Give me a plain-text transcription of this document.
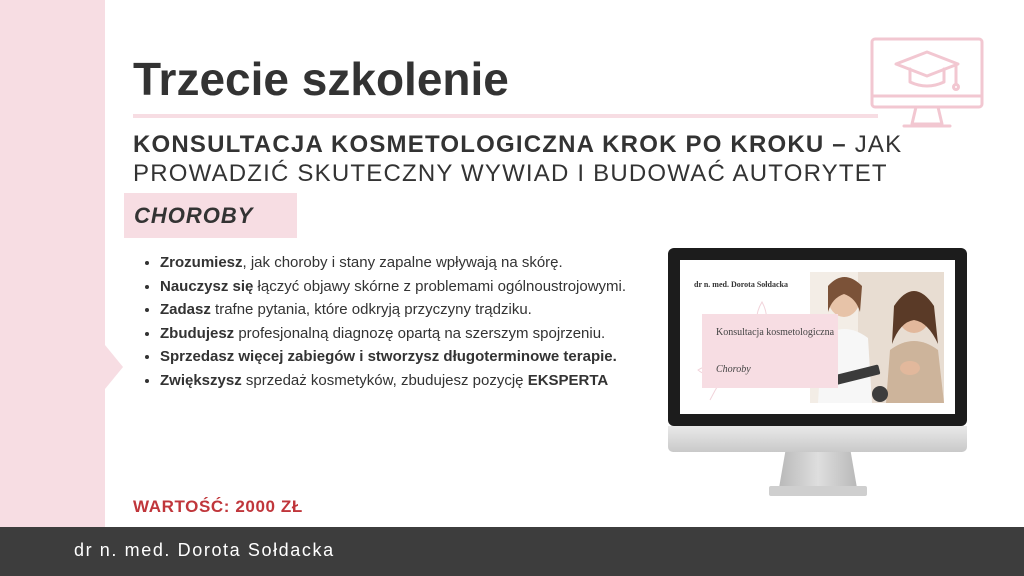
Trzecie szkolenie
KONSULTACJA KOSMETOLOGICZNA KROK PO KROKU – JAK PROWADZIĆ SKUTECZNY WYWIAD I BUDOWAĆ AUTORYTET
CHOROBY
• Zrozumiesz, jak choroby i stany zapalne wpływają na skórę.
• Nauczysz się łączyć objawy skórne z problemami ogólnoustrojowymi.
• Zadasz trafne pytania, które odkryją przyczyny trądziku.
• Zbudujesz profesjonalną diagnozę opartą na szerszym spojrzeniu.
• Sprzedasz więcej zabiegów i stworzysz długoterminowe terapie.
• Zwiększysz sprzedaż kosmetyków, zbudujesz pozycję EKSPERTA
WARTOŚĆ: 2000 ZŁ
dr n. med. Dorota Sołdacka
Konsultacja kosmetologiczna
Choroby
dr n. med. Dorota Sołdacka
